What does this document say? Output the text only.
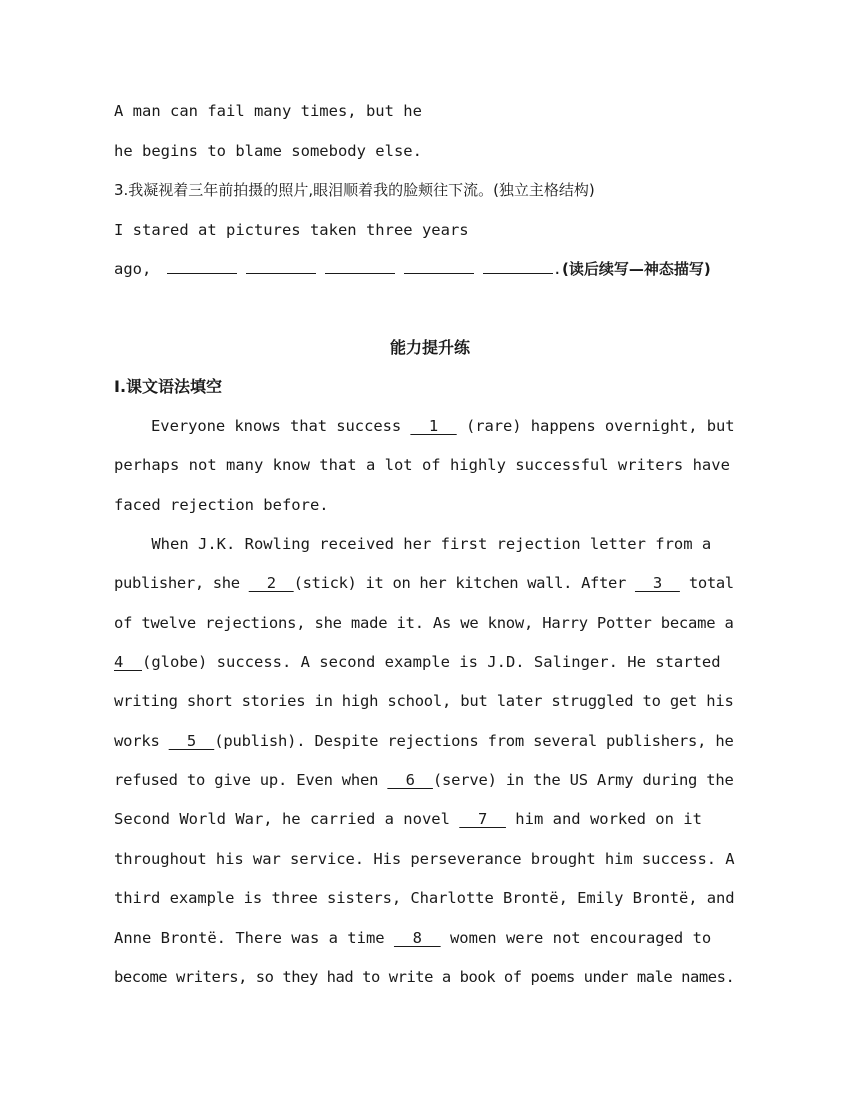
A man can fail many times, but he
he begins to blame somebody else.
3.我凝视着三年前拍摄的照片,眼泪顺着我的脸颊往下流。(独立主格结构)
I stared at pictures taken three years
ago,	.(读后续写—神态描写)
能力提升练
Ⅰ.课文语法填空
Everyone knows that success   1   (rare) happens overnight, but
perhaps not many know that a lot of highly successful writers have
faced rejection before.
When J.K. Rowling received her first rejection letter from a
publisher, she   2  (stick) it on her kitchen wall. After   3   total
of twelve rejections, she made it. As we know, Harry Potter became a
4  (globe) success. A second example is J.D. Salinger. He started
writing short stories in high school, but later struggled to get his
works   5  (publish). Despite rejections from several publishers, he
refused to give up. Even when   6  (serve) in the US Army during the
Second World War, he carried a novel   7   him and worked on it
throughout his war service. His perseverance brought him success. A
third example is three sisters, Charlotte Brontë, Emily Brontë, and
Anne Brontë. There was a time   8   women were not encouraged to
become writers, so they had to write a book of poems under male names.
